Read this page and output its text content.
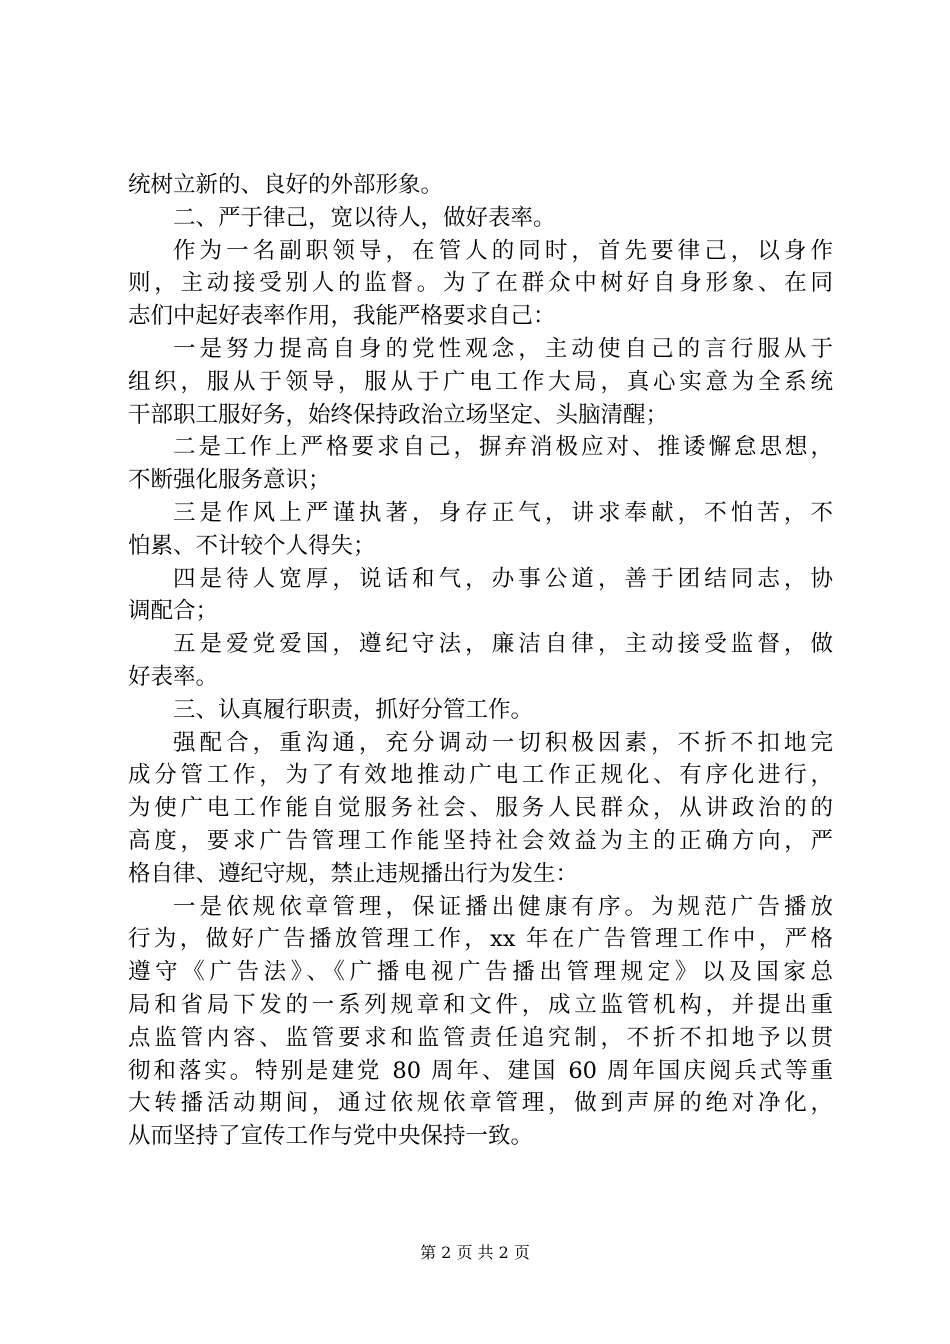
统树立新的、良好的外部形象。
二、严于律己，宽以待人，做好表率。
作为一名副职领导，在管人的同时，首先要律己，以身作
则，主动接受别人的监督。为了在群众中树好自身形象、在同
志们中起好表率作用，我能严格要求自己：
一是努力提高自身的党性观念，主动使自己的言行服从于
组织，服从于领导，服从于广电工作大局，真心实意为全系统
干部职工服好务，始终保持政治立场坚定、头脑清醒；
二是工作上严格要求自己，摒弃消极应对、推诿懈怠思想，
不断强化服务意识；
三是作风上严谨执著，身存正气，讲求奉献，不怕苦，不
怕累、不计较个人得失；
四是待人宽厚，说话和气，办事公道，善于团结同志，协
调配合；
五是爱党爱国，遵纪守法，廉洁自律，主动接受监督，做
好表率。
三、认真履行职责，抓好分管工作。
强配合，重沟通，充分调动一切积极因素，不折不扣地完
成分管工作，为了有效地推动广电工作正规化、有序化进行，
为使广电工作能自觉服务社会、服务人民群众，从讲政治的的
高度，要求广告管理工作能坚持社会效益为主的正确方向，严
格自律、遵纪守规，禁止违规播出行为发生：
一是依规依章管理，保证播出健康有序。为规范广告播放
行为，做好广告播放管理工作，xx 年在广告管理工作中，严格
遵守《广告法》、《广播电视广告播出管理规定》以及国家总
局和省局下发的一系列规章和文件，成立监管机构，并提出重
点监管内容、监管要求和监管责任追究制，不折不扣地予以贯
彻和落实。特别是建党 80 周年、建国 60 周年国庆阅兵式等重
大转播活动期间，通过依规依章管理，做到声屏的绝对净化，
从而坚持了宣传工作与党中央保持一致。
第 2 页 共 2 页
